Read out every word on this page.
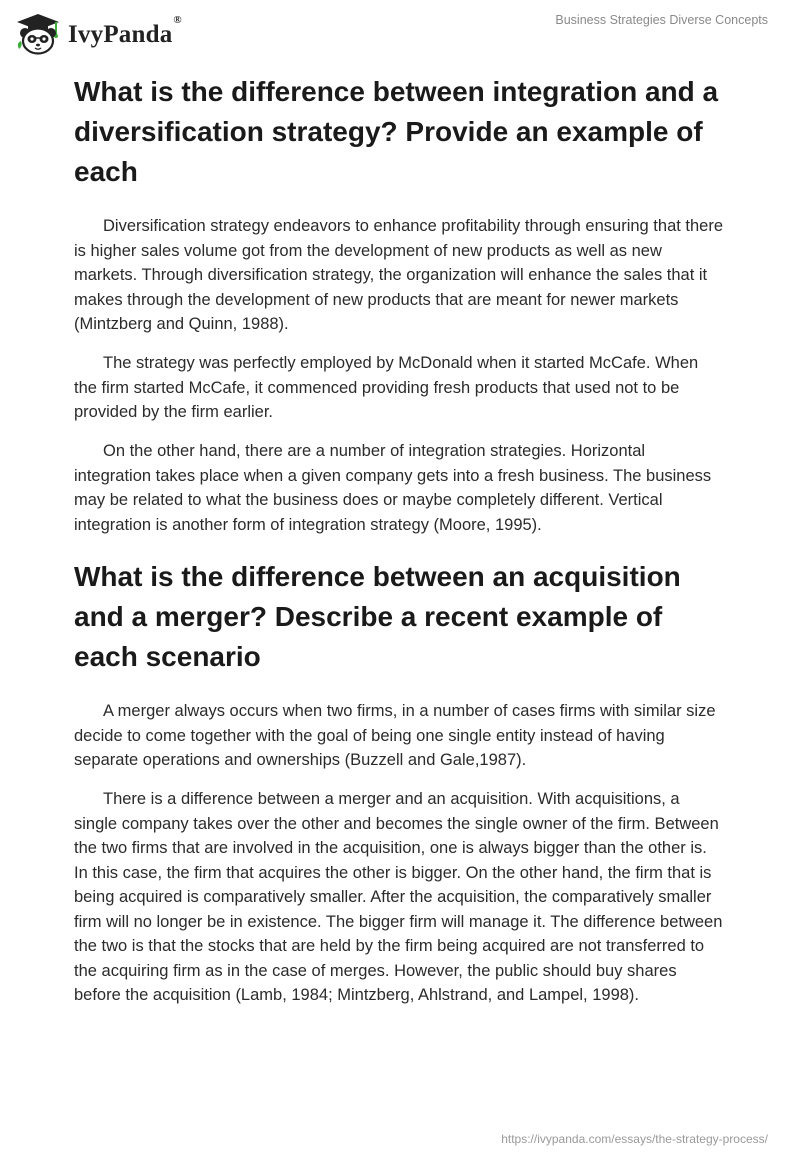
IvyPanda®	Business Strategies Diverse Concepts
What is the difference between integration and a diversification strategy? Provide an example of each

Diversification strategy endeavors to enhance profitability through ensuring that there is higher sales volume got from the development of new products as well as new markets. Through diversification strategy, the organization will enhance the sales that it makes through the development of new products that are meant for newer markets (Mintzberg and Quinn, 1988).

The strategy was perfectly employed by McDonald when it started McCafe. When the firm started McCafe, it commenced providing fresh products that used not to be provided by the firm earlier.

On the other hand, there are a number of integration strategies. Horizontal integration takes place when a given company gets into a fresh business. The business may be related to what the business does or maybe completely different. Vertical integration is another form of integration strategy (Moore, 1995).

What is the difference between an acquisition and a merger? Describe a recent example of each scenario

A merger always occurs when two firms, in a number of cases firms with similar size decide to come together with the goal of being one single entity instead of having separate operations and ownerships (Buzzell and Gale,1987).

There is a difference between a merger and an acquisition. With acquisitions, a single company takes over the other and becomes the single owner of the firm. Between the two firms that are involved in the acquisition, one is always bigger than the other is. In this case, the firm that acquires the other is bigger. On the other hand, the firm that is being acquired is comparatively smaller. After the acquisition, the comparatively smaller firm will no longer be in existence. The bigger firm will manage it. The difference between the two is that the stocks that are held by the firm being acquired are not transferred to the acquiring firm as in the case of merges. However, the public should buy shares before the acquisition (Lamb, 1984; Mintzberg, Ahlstrand, and Lampel, 1998).

https://ivypanda.com/essays/the-strategy-process/
